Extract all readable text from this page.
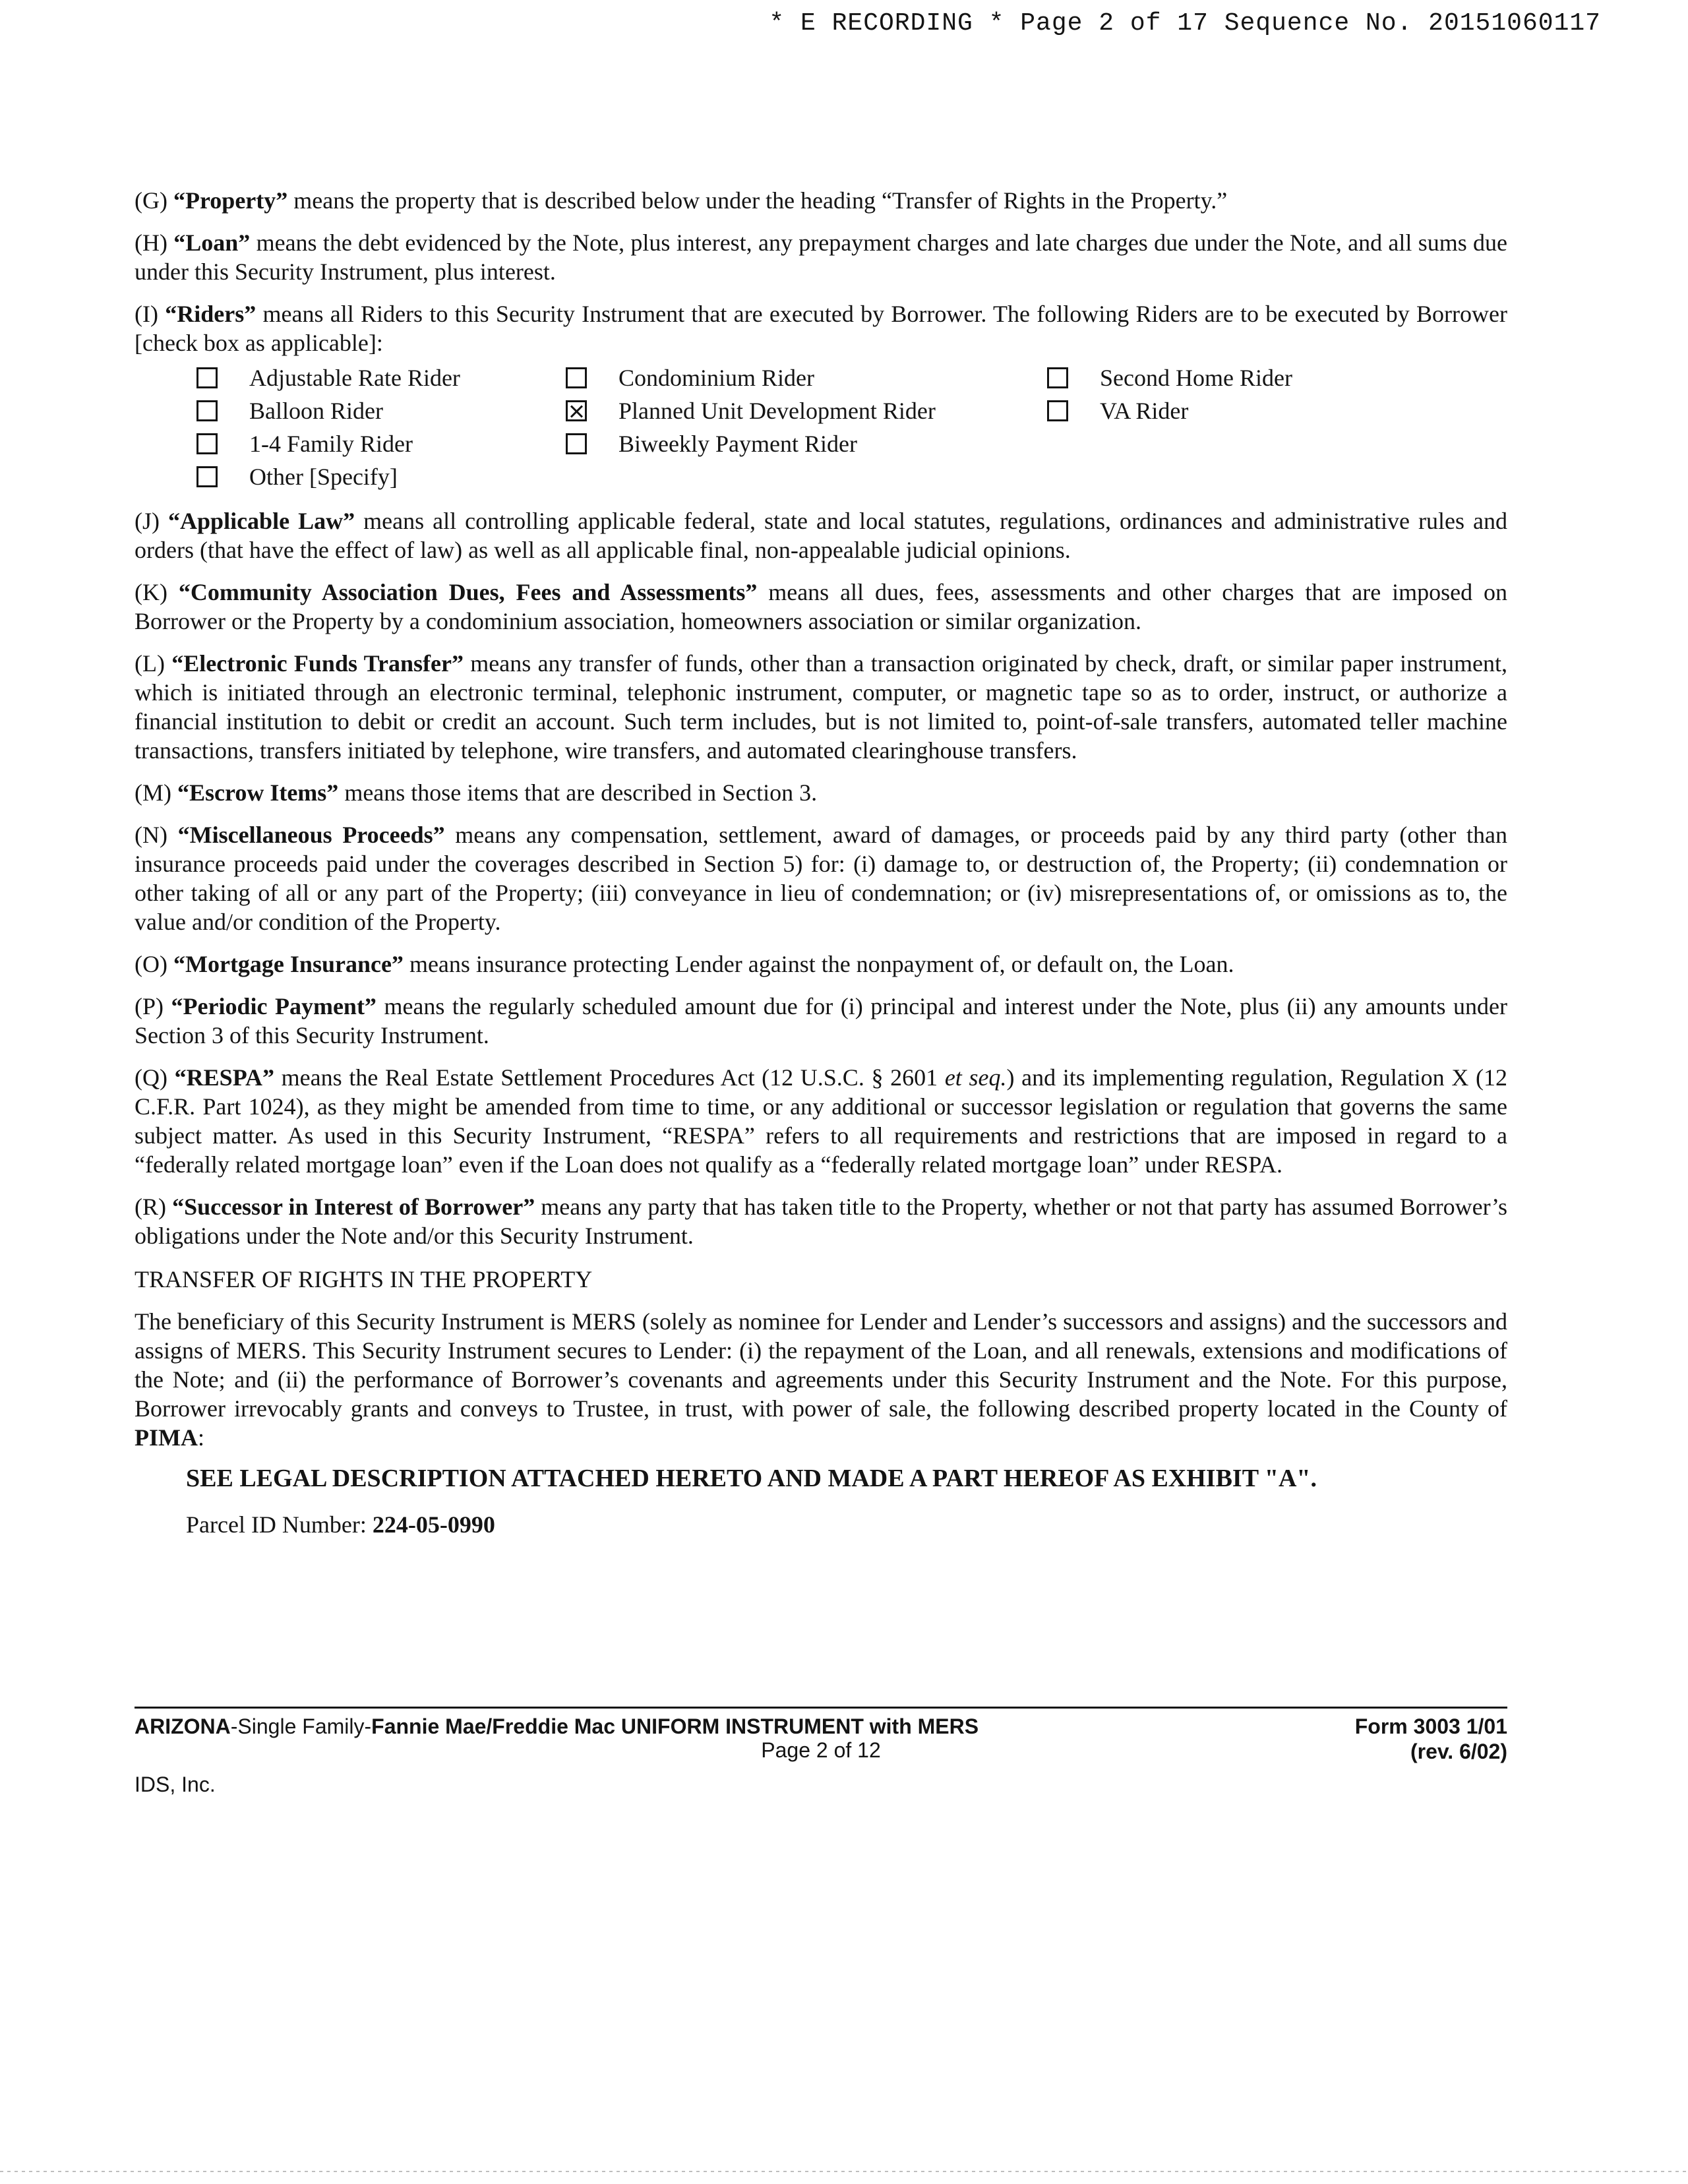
* E RECORDING * Page 2 of 17 Sequence No. 20151060117

(G) “Property” means the property that is described below under the heading “Transfer of Rights in the Property.”

(H) “Loan” means the debt evidenced by the Note, plus interest, any prepayment charges and late charges due under the Note, and all sums due under this Security Instrument, plus interest.

(I) “Riders” means all Riders to this Security Instrument that are executed by Borrower. The following Riders are to be executed by Borrower [check box as applicable]:

Adjustable Rate Rider	Condominium Rider	Second Home Rider
Balloon Rider	Planned Unit Development Rider	VA Rider
1-4 Family Rider	Biweekly Payment Rider
Other [Specify]

(J) “Applicable Law” means all controlling applicable federal, state and local statutes, regulations, ordinances and administrative rules and orders (that have the effect of law) as well as all applicable final, non-appealable judicial opinions.

(K) “Community Association Dues, Fees and Assessments” means all dues, fees, assessments and other charges that are imposed on Borrower or the Property by a condominium association, homeowners association or similar organization.

(L) “Electronic Funds Transfer” means any transfer of funds, other than a transaction originated by check, draft, or similar paper instrument, which is initiated through an electronic terminal, telephonic instrument, computer, or magnetic tape so as to order, instruct, or authorize a financial institution to debit or credit an account. Such term includes, but is not limited to, point-of-sale transfers, automated teller machine transactions, transfers initiated by telephone, wire transfers, and automated clearinghouse transfers.

(M) “Escrow Items” means those items that are described in Section 3.

(N) “Miscellaneous Proceeds” means any compensation, settlement, award of damages, or proceeds paid by any third party (other than insurance proceeds paid under the coverages described in Section 5) for: (i) damage to, or destruction of, the Property; (ii) condemnation or other taking of all or any part of the Property; (iii) conveyance in lieu of condemnation; or (iv) misrepresentations of, or omissions as to, the value and/or condition of the Property.

(O) “Mortgage Insurance” means insurance protecting Lender against the nonpayment of, or default on, the Loan.

(P) “Periodic Payment” means the regularly scheduled amount due for (i) principal and interest under the Note, plus (ii) any amounts under Section 3 of this Security Instrument.

(Q) “RESPA” means the Real Estate Settlement Procedures Act (12 U.S.C. § 2601 et seq.) and its implementing regulation, Regulation X (12 C.F.R. Part 1024), as they might be amended from time to time, or any additional or successor legislation or regulation that governs the same subject matter. As used in this Security Instrument, “RESPA” refers to all requirements and restrictions that are imposed in regard to a “federally related mortgage loan” even if the Loan does not qualify as a “federally related mortgage loan” under RESPA.

(R) “Successor in Interest of Borrower” means any party that has taken title to the Property, whether or not that party has assumed Borrower’s obligations under the Note and/or this Security Instrument.

TRANSFER OF RIGHTS IN THE PROPERTY

The beneficiary of this Security Instrument is MERS (solely as nominee for Lender and Lender’s successors and assigns) and the successors and assigns of MERS. This Security Instrument secures to Lender: (i) the repayment of the Loan, and all renewals, extensions and modifications of the Note; and (ii) the performance of Borrower’s covenants and agreements under this Security Instrument and the Note. For this purpose, Borrower irrevocably grants and conveys to Trustee, in trust, with power of sale, the following described property located in the County of PIMA:

SEE LEGAL DESCRIPTION ATTACHED HERETO AND MADE A PART HEREOF AS EXHIBIT "A".
Parcel ID Number: 224-05-0990
ARIZONA-Single Family-Fannie Mae/Freddie Mac UNIFORM INSTRUMENT with MERS
Page 2 of 12
Form 3003 1/01
(rev. 6/02)
IDS, Inc.
